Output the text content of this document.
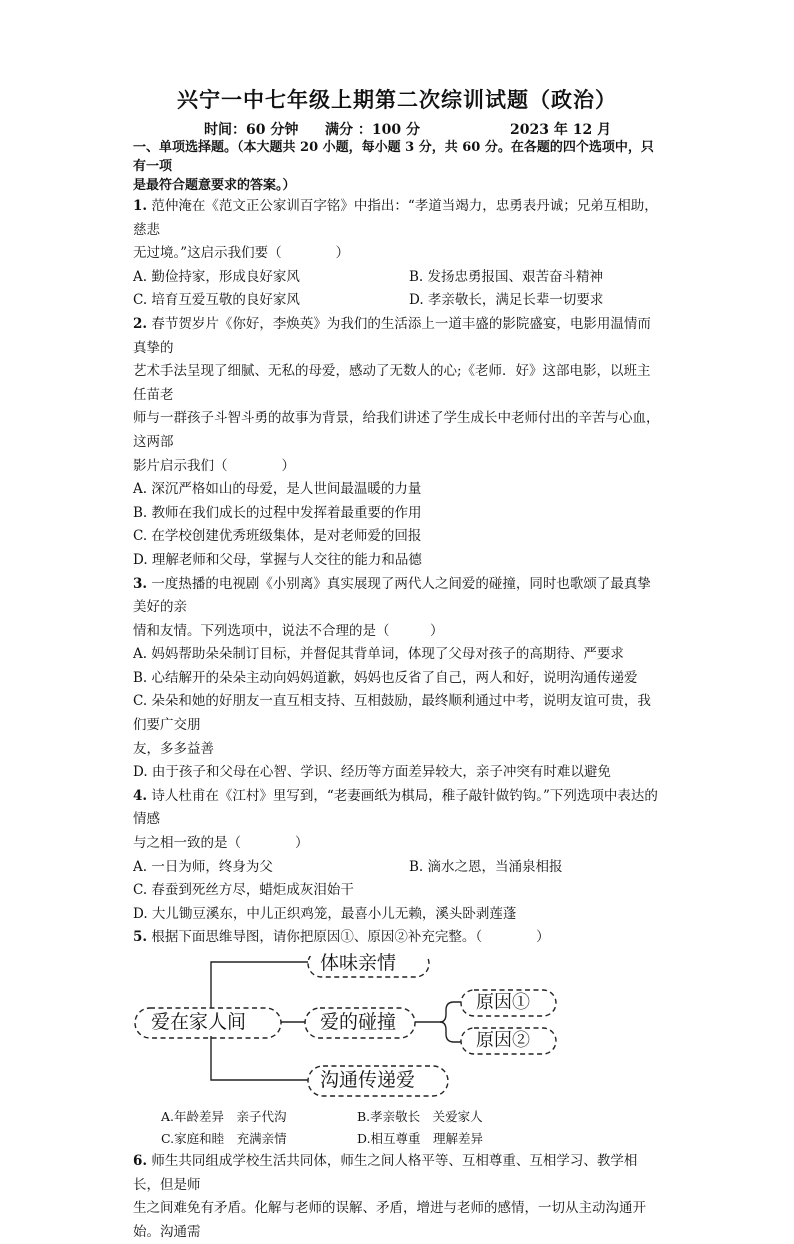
兴宁一中七年级上期第二次综训试题（政治）
时间：60 分钟 满分 ：100 分	2023 年 12 月

一、单项选择题。（本大题共 20 小题，每小题 3 分，共 60 分。在各题的四个选项中，只有一项

是最符合题意要求的答案。）

1. 范仲淹在《范文正公家训百字铭》中指出：“孝道当竭力，忠勇表丹诚；兄弟互相助，慈悲

无过境。”这启示我们要（　　　　）

A. 勤俭持家，形成良好家风	B. 发扬忠勇报国、艰苦奋斗精神
C. 培育互爱互敬的良好家风	D. 孝亲敬长，满足长辈一切要求

2. 春节贺岁片《你好，李焕英》为我们的生活添上一道丰盛的影院盛宴，电影用温情而真挚的

艺术手法呈现了细腻、无私的母爱，感动了无数人的心;《老师．好》这部电影，以班主任苗老

师与一群孩子斗智斗勇的故事为背景，给我们讲述了学生成长中老师付出的辛苦与心血，这两部

影片启示我们（　　　　）

A. 深沉严格如山的母爱，是人世间最温暖的力量

B. 教师在我们成长的过程中发挥着最重要的作用

C. 在学校创建优秀班级集体，是对老师爱的回报

D. 理解老师和父母，掌握与人交往的能力和品德

3. 一度热播的电视剧《小别离》真实展现了两代人之间爱的碰撞，同时也歌颂了最真挚美好的亲

情和友情。下列选项中，说法不合理的是（　　　）

A. 妈妈帮助朵朵制订目标，并督促其背单词，体现了父母对孩子的高期待、严要求

B. 心结解开的朵朵主动向妈妈道歉，妈妈也反省了自己，两人和好，说明沟通传递爱

C. 朵朵和她的好朋友一直互相支持、互相鼓励，最终顺利通过中考，说明友谊可贵，我们要广交朋

友，多多益善

D. 由于孩子和父母在心智、学识、经历等方面差异较大，亲子冲突有时难以避免

4. 诗人杜甫在《江村》里写到，“老妻画纸为棋局，稚子敲针做钓钩。”下列选项中表达的情感

与之相一致的是（　　　　）

A. 一日为师，终身为父	B. 滴水之恩，当涌泉相报

C. 春蚕到死丝方尽，蜡炬成灰泪始干

D. 大儿锄豆溪东，中儿正织鸡笼，最喜小儿无赖，溪头卧剥莲蓬

5. 根据下面思维导图，请你把原因①、原因②补充完整。（　　　　）

爱在家人间
体味亲情
爱的碰撞
沟通传递爱
原因①
原因②
A.年龄差异　亲子代沟	B.孝亲敬长　关爱家人
C.家庭和睦　充满亲情	D.相互尊重　理解差异

6. 师生共同组成学校生活共同体，师生之间人格平等、互相尊重、互相学习、教学相长，但是师

生之间难免有矛盾。化解与老师的误解、矛盾，增进与老师的感情，一切从主动沟通开始。沟通需
